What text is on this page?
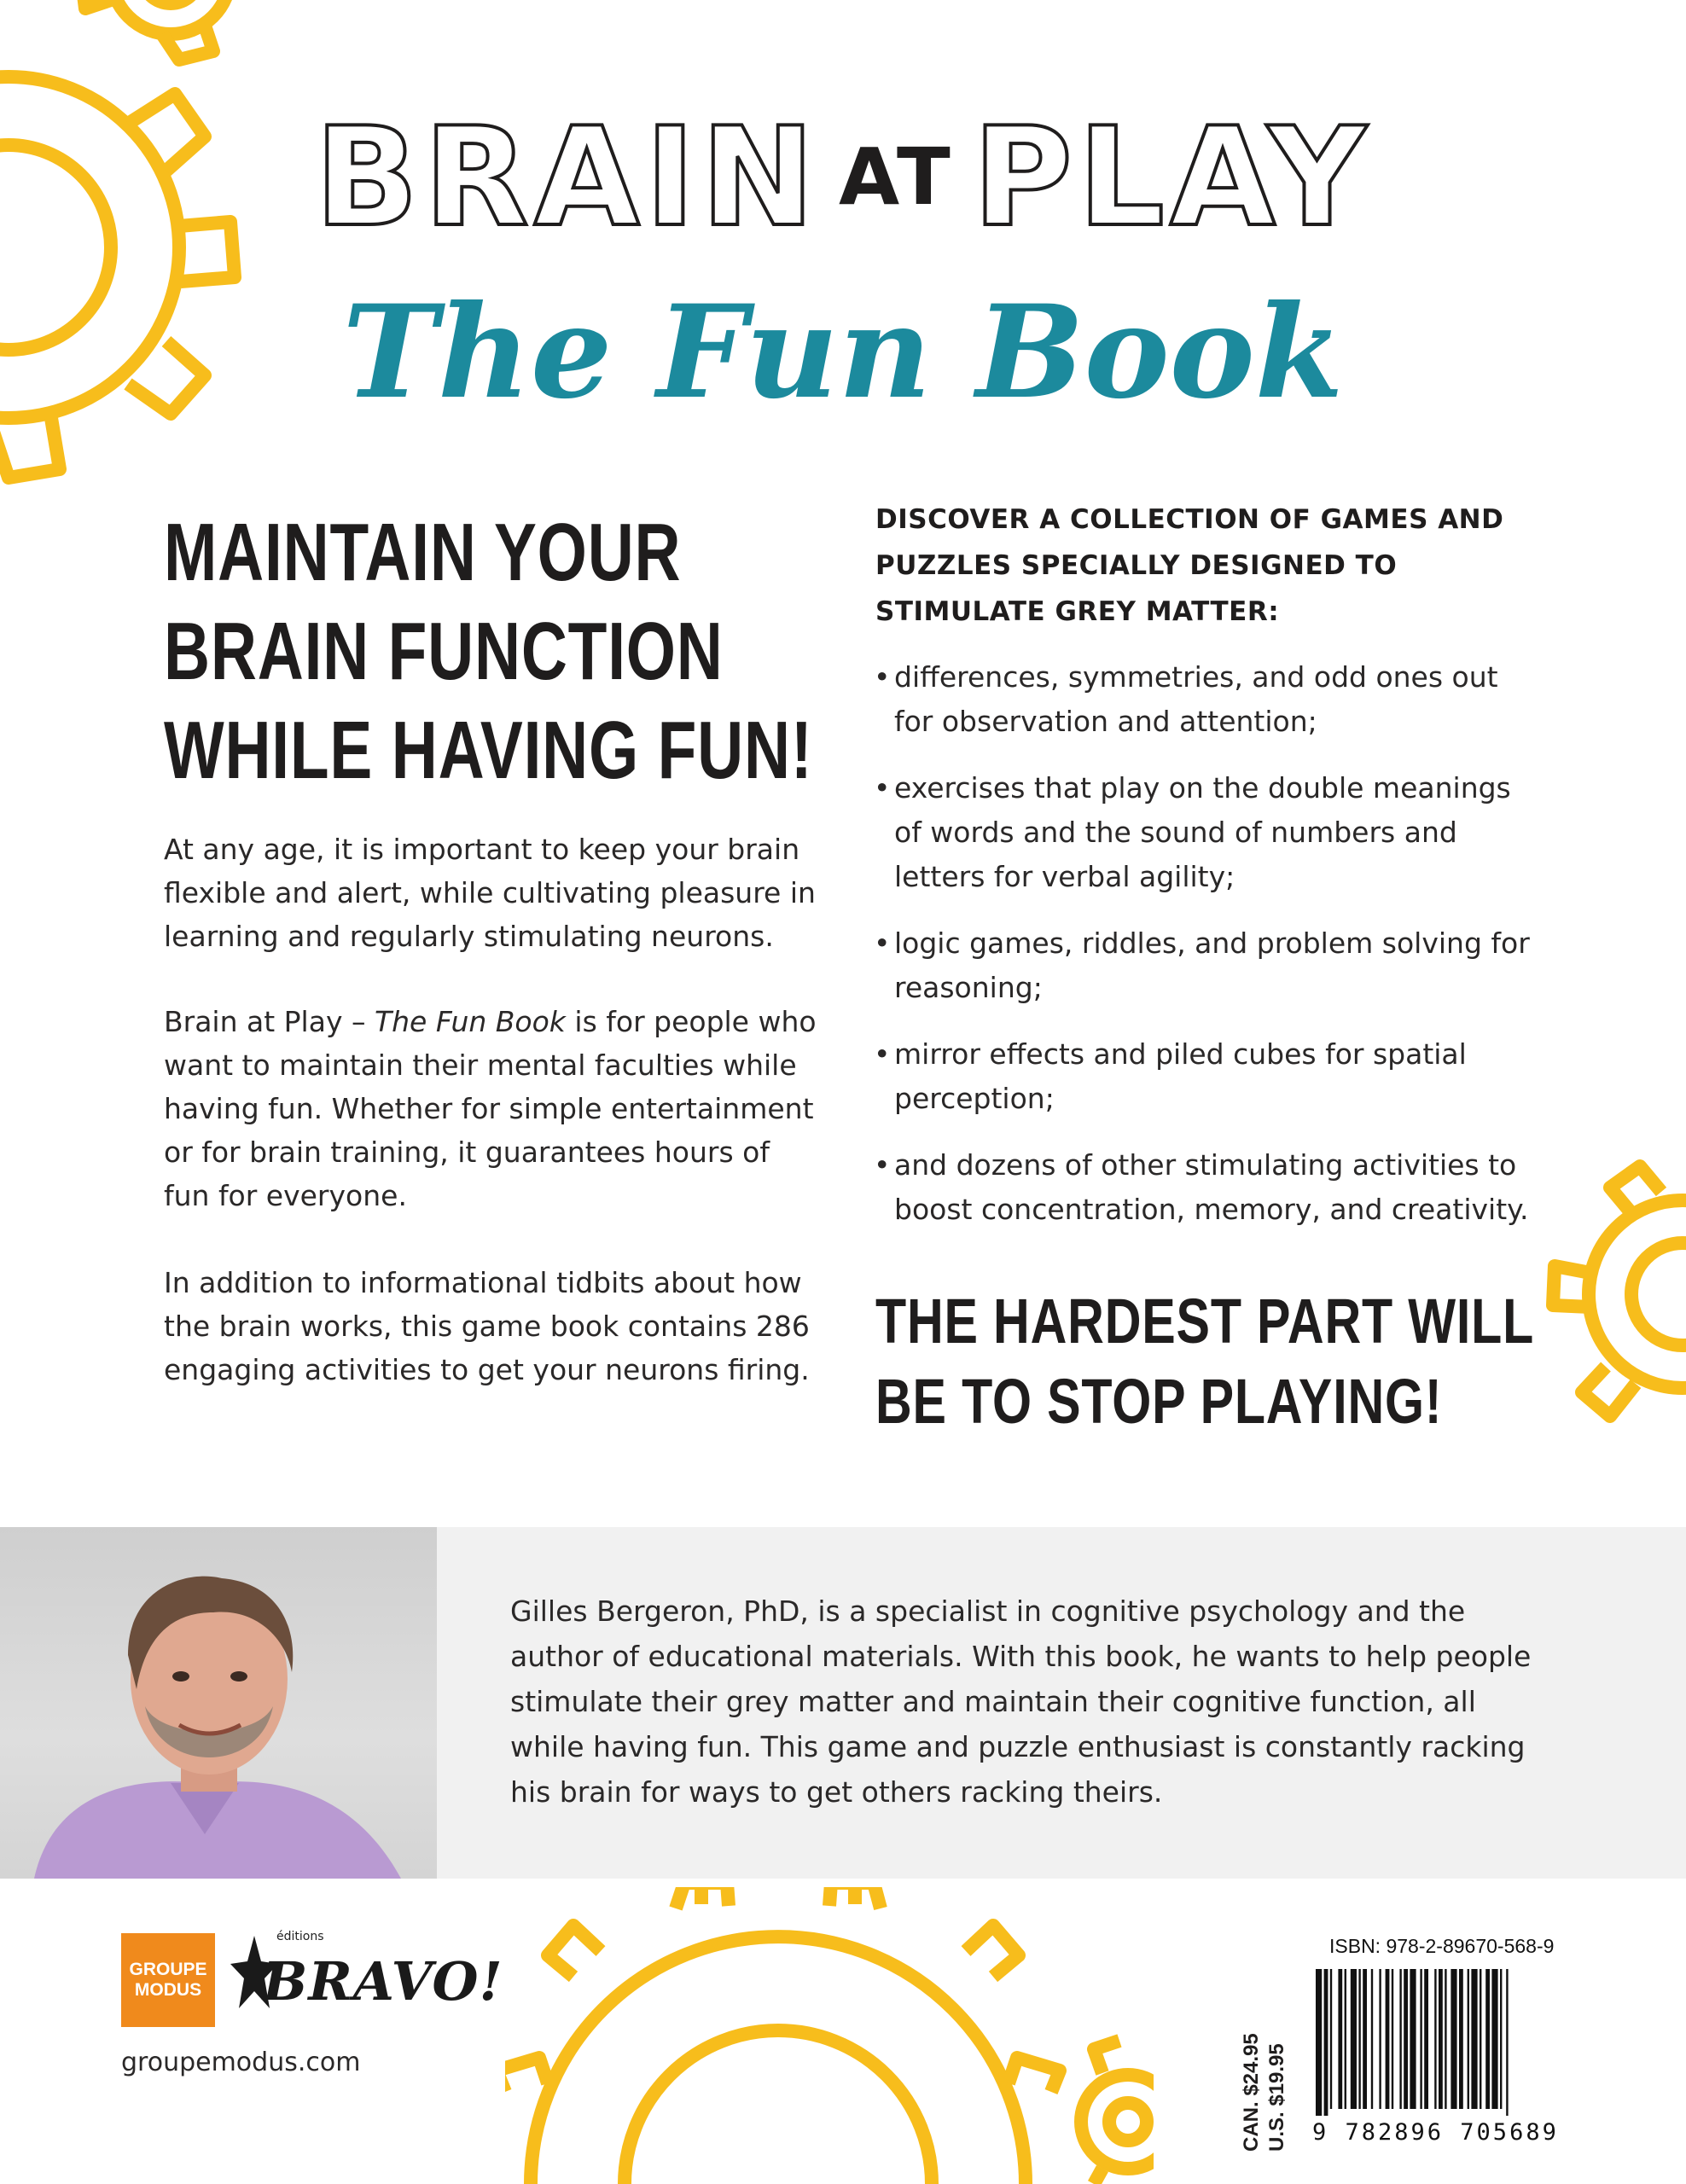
BRAIN AT PLAY
The Fun Book
MAINTAIN YOUR
BRAIN FUNCTION
WHILE HAVING FUN!

At any age, it is important to keep your brain flexible and alert, while cultivating pleasure in learning and regularly stimulating neurons.

Brain at Play – The Fun Book is for people who want to maintain their mental faculties while having fun. Whether for simple entertainment or for brain training, it guarantees hours of fun for everyone.

In addition to informational tidbits about how the brain works, this game book contains 286 engaging activities to get your neurons firing.

DISCOVER A COLLECTION OF GAMES AND PUZZLES SPECIALLY DESIGNED TO STIMULATE GREY MATTER:
• differences, symmetries, and odd ones out for observation and attention;
• exercises that play on the double meanings of words and the sound of numbers and letters for verbal agility;
• logic games, riddles, and problem solving for reasoning;
• mirror effects and piled cubes for spatial perception;
• and dozens of other stimulating activities to boost concentration, memory, and creativity.
THE HARDEST PART WILL
BE TO STOP PLAYING!
Gilles Bergeron, PhD, is a specialist in cognitive psychology and the author of educational materials. With this book, he wants to help people stimulate their grey matter and maintain their cognitive function, all while having fun. This game and puzzle enthusiast is constantly racking his brain for ways to get others racking theirs.
GROUPE
MODUS
éditions
BRAVO!
groupemodus.com	CAN. $24.95 U.S. $19.95
ISBN: 978-2-89670-568-9
9 782896 705689
